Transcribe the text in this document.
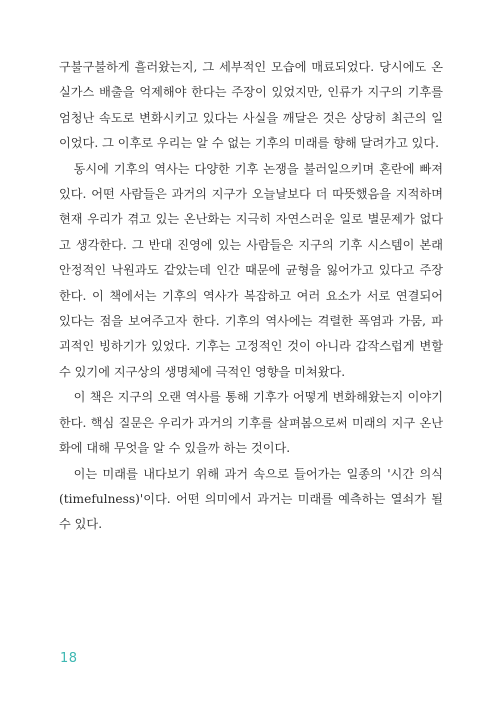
구불구불하게 흘러왔는지, 그 세부적인 모습에 매료되었다. 당시에도 온실가스 배출을 억제해야 한다는 주장이 있었지만, 인류가 지구의 기후를 엄청난 속도로 변화시키고 있다는 사실을 깨달은 것은 상당히 최근의 일이었다. 그 이후로 우리는 알 수 없는 기후의 미래를 향해 달려가고 있다.

동시에 기후의 역사는 다양한 기후 논쟁을 불러일으키며 혼란에 빠져 있다. 어떤 사람들은 과거의 지구가 오늘날보다 더 따뜻했음을 지적하며 현재 우리가 겪고 있는 온난화는 지극히 자연스러운 일로 별문제가 없다고 생각한다. 그 반대 진영에 있는 사람들은 지구의 기후 시스템이 본래 안정적인 낙원과도 같았는데 인간 때문에 균형을 잃어가고 있다고 주장한다. 이 책에서는 기후의 역사가 복잡하고 여러 요소가 서로 연결되어 있다는 점을 보여주고자 한다. 기후의 역사에는 격렬한 폭염과 가뭄, 파괴적인 빙하기가 있었다. 기후는 고정적인 것이 아니라 갑작스럽게 변할 수 있기에 지구상의 생명체에 극적인 영향을 미쳐왔다.

이 책은 지구의 오랜 역사를 통해 기후가 어떻게 변화해왔는지 이야기한다. 핵심 질문은 우리가 과거의 기후를 살펴봄으로써 미래의 지구 온난화에 대해 무엇을 알 수 있을까 하는 것이다.

이는 미래를 내다보기 위해 과거 속으로 들어가는 일종의 '시간 의식(timefulness)'이다. 어떤 의미에서 과거는 미래를 예측하는 열쇠가 될 수 있다.

18
